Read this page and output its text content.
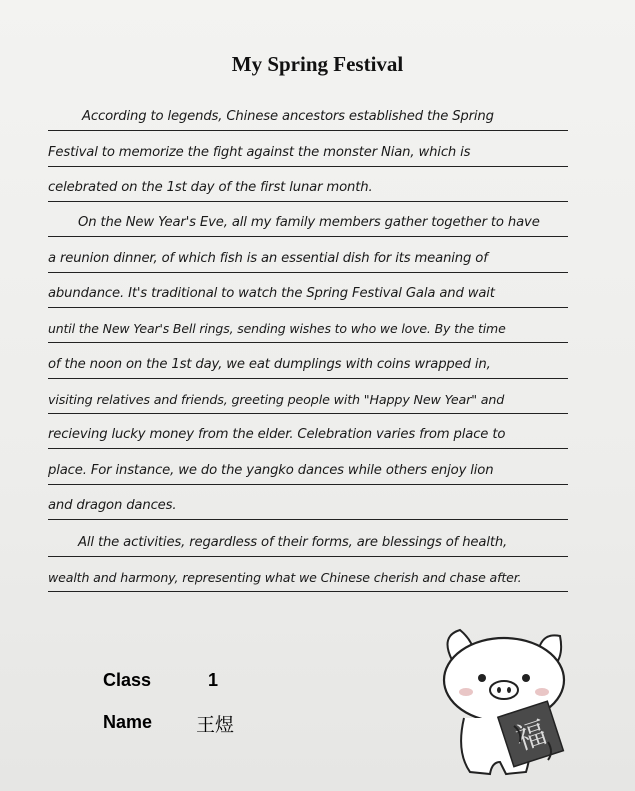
My Spring Festival
According to legends, Chinese ancestors established the Spring
Festival to memorize the fight against the monster Nian, which is
celebrated on the 1st day of the first lunar month.
On the New Year's Eve, all my family members gather together to have
a reunion dinner, of which fish is an essential dish for its meaning of
abundance. It's traditional to watch the Spring Festival Gala and wait
until the New Year's Bell rings, sending wishes to who we love. By the time
of the noon on the 1st day, we eat dumplings with coins wrapped in,
visiting relatives and friends, greeting people with "Happy New Year" and
recieving lucky money from the elder. Celebration varies from place to
place. For instance, we do the yangko dances while others enjoy lion
and dragon dances.
All the activities, regardless of their forms, are blessings of health,
wealth and harmony, representing what we Chinese cherish and chase after.
Class	1
Name 王煜	福
